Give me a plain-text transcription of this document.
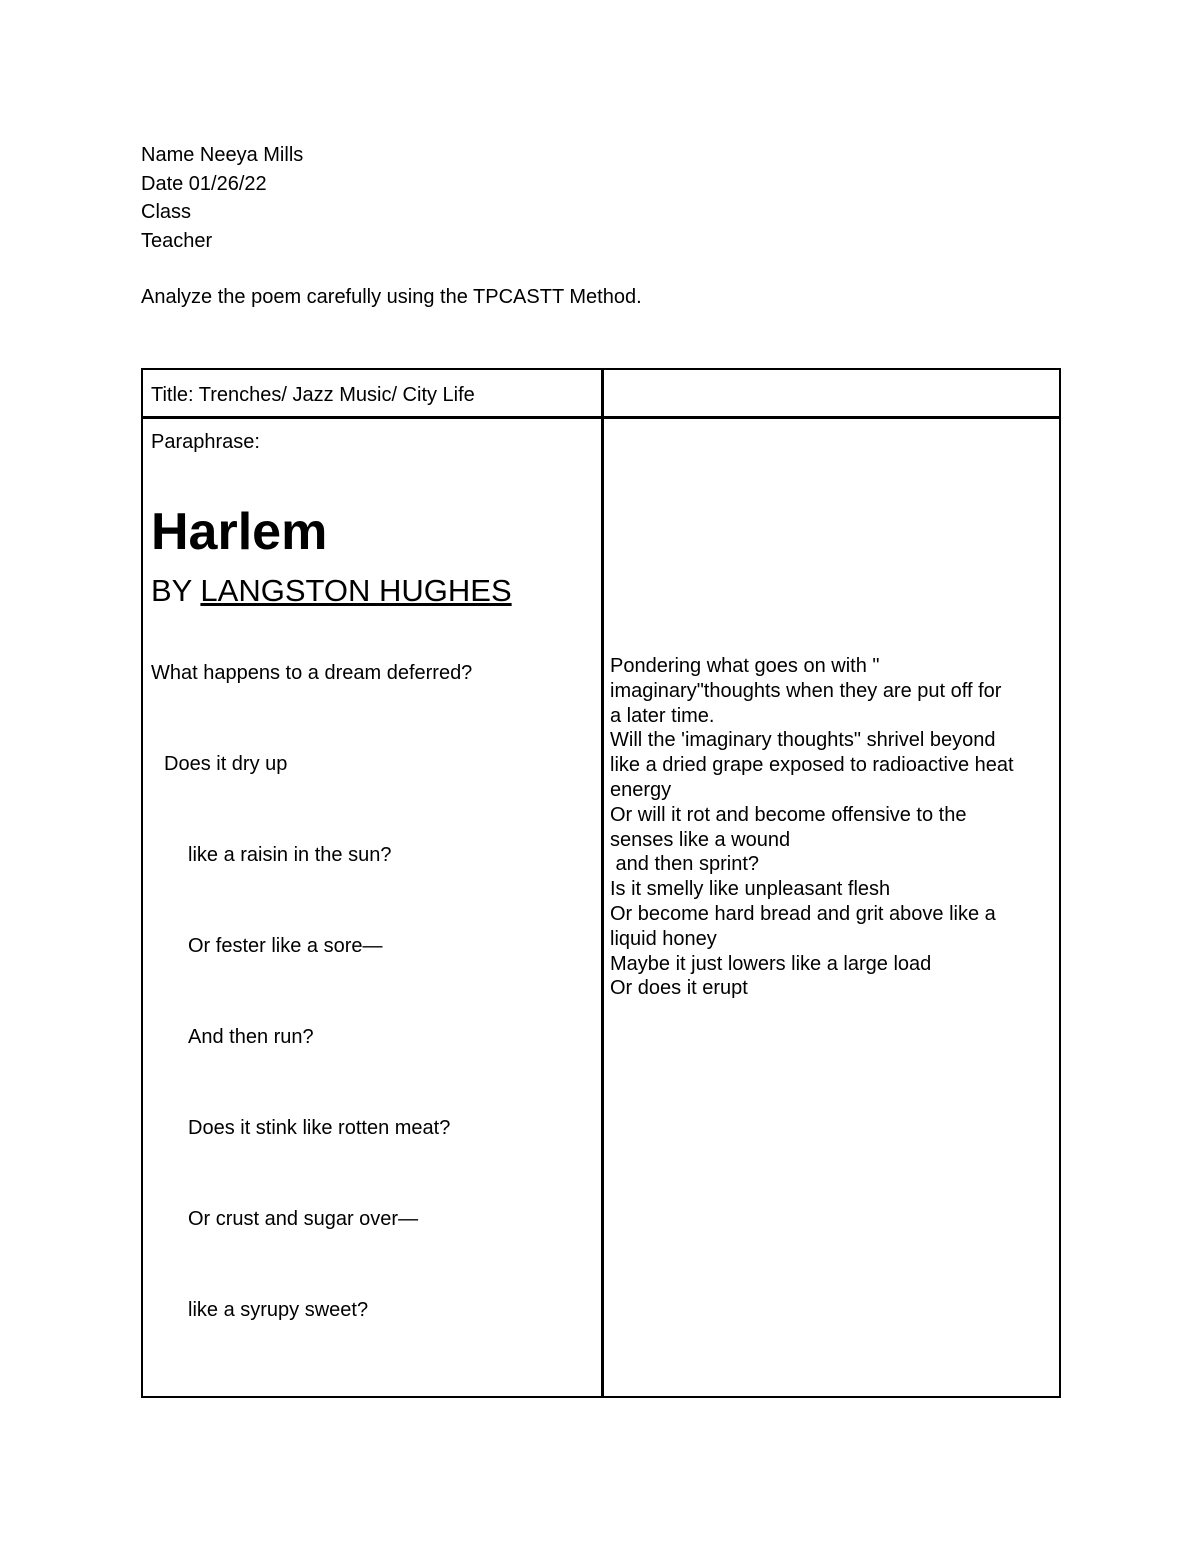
Name Neeya Mills
Date 01/26/22
Class
Teacher
Analyze the poem carefully using the TPCASTT Method.
Title: Trenches/ Jazz Music/ City Life
Paraphrase:
Harlem
BY LANGSTON HUGHES
What happens to a dream deferred?
Does it dry up
like a raisin in the sun?
Or fester like a sore—
And then run?
Does it stink like rotten meat?
Or crust and sugar over—
like a syrupy sweet?
Pondering what goes on with "
imaginary"thoughts when they are put off for
a later time.
Will the 'imaginary thoughts" shrivel beyond
like a dried grape exposed to radioactive heat
energy
Or will it rot and become offensive to the
senses like a wound
and then sprint?
Is it smelly like unpleasant flesh
Or become hard bread and grit above like a
liquid honey
Maybe it just lowers like a large load
Or does it erupt
